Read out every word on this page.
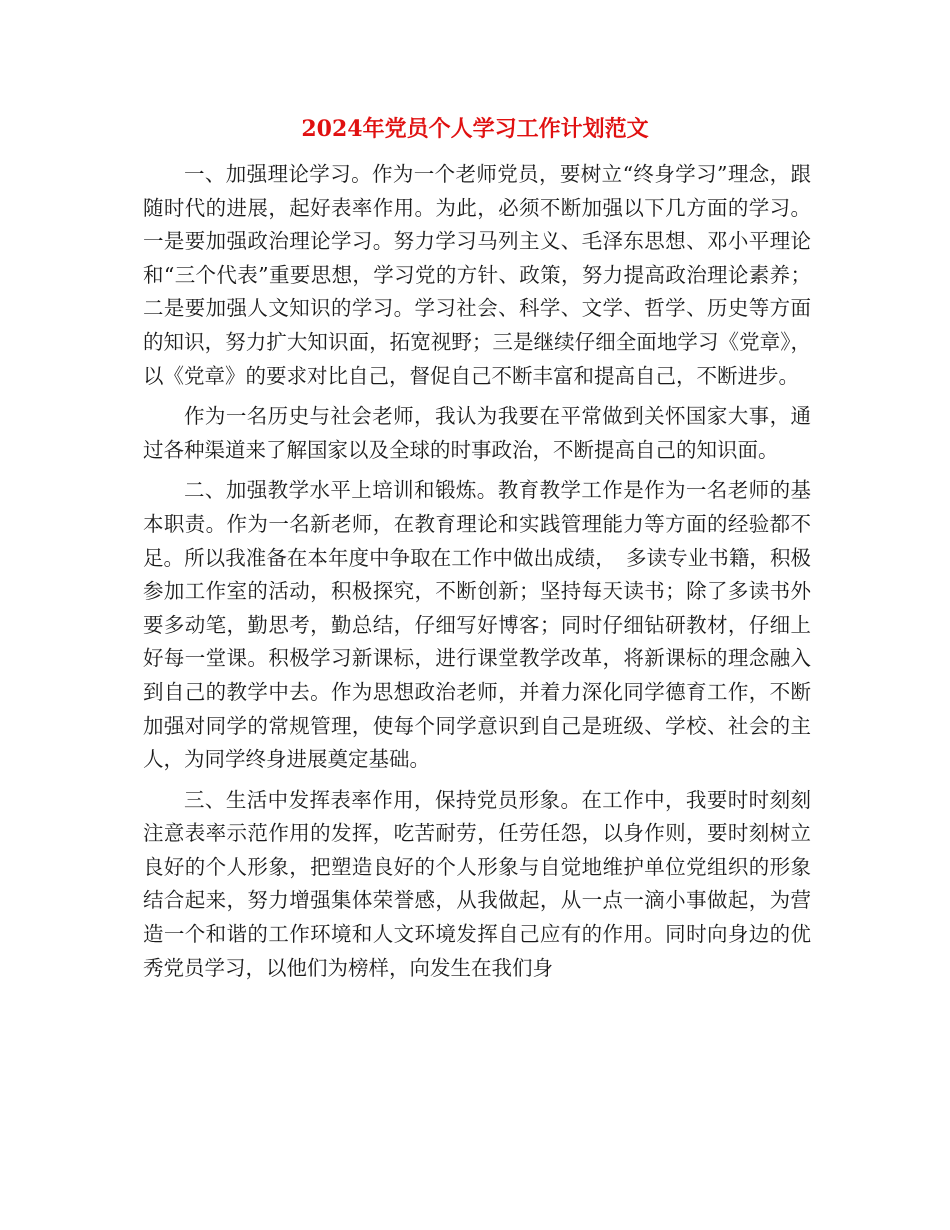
2024年党员个人学习工作计划范文

一、加强理论学习。作为一个老师党员，要树立“终身学习”理念，跟随时代的进展，起好表率作用。为此，必须不断加强以下几方面的学习。一是要加强政治理论学习。努力学习马列主义、毛泽东思想、邓小平理论和“三个代表”重要思想，学习党的方针、政策，努力提高政治理论素养；二是要加强人文知识的学习。学习社会、科学、文学、哲学、历史等方面的知识，努力扩大知识面，拓宽视野；三是继续仔细全面地学习《党章》，以《党章》的要求对比自己，督促自己不断丰富和提高自己，不断进步。

作为一名历史与社会老师，我认为我要在平常做到关怀国家大事，通过各种渠道来了解国家以及全球的时事政治，不断提高自己的知识面。

二、加强教学水平上培训和锻炼。教育教学工作是作为一名老师的基本职责。作为一名新老师，在教育理论和实践管理能力等方面的经验都不足。所以我准备在本年度中争取在工作中做出成绩，　多读专业书籍，积极参加工作室的活动，积极探究，不断创新；坚持每天读书；除了多读书外要多动笔，勤思考，勤总结，仔细写好博客；同时仔细钻研教材，仔细上好每一堂课。积极学习新课标，进行课堂教学改革，将新课标的理念融入到自己的教学中去。作为思想政治老师，并着力深化同学德育工作，不断加强对同学的常规管理，使每个同学意识到自己是班级、学校、社会的主人，为同学终身进展奠定基础。

三、生活中发挥表率作用，保持党员形象。在工作中，我要时时刻刻注意表率示范作用的发挥，吃苦耐劳，任劳任怨，以身作则，要时刻树立良好的个人形象，把塑造良好的个人形象与自觉地维护单位党组织的形象结合起来，努力增强集体荣誉感，从我做起，从一点一滴小事做起，为营造一个和谐的工作环境和人文环境发挥自己应有的作用。同时向身边的优秀党员学习，以他们为榜样，向发生在我们身
